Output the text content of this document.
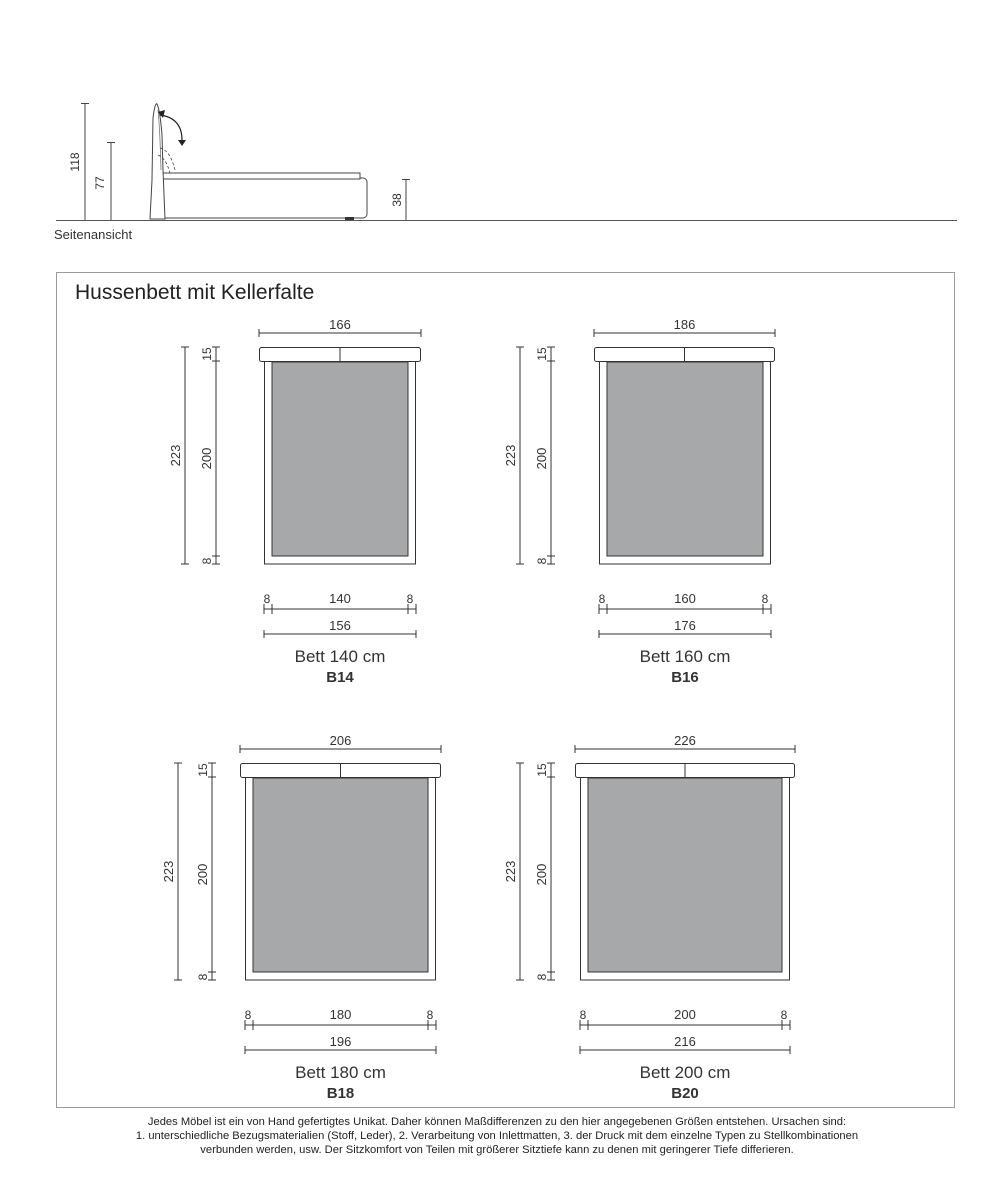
118
77
38
Seitenansicht
Hussenbett mit Kellerfalte
166
223
15
200
8
8	140	8
156
Bett 140 cm
B14
186
223
15
200
8
8	160	8
176
Bett 160 cm
B16
206
223
15
200
8
8	180	8
196
Bett 180 cm
B18
226
223
15
200
8
8	200	8
216
Bett 200 cm
B20
Jedes Möbel ist ein von Hand gefertigtes Unikat. Daher können Maßdifferenzen zu den hier angegebenen Größen entstehen. Ursachen sind:
1. unterschiedliche Bezugsmaterialien (Stoff, Leder), 2. Verarbeitung von Inlettmatten, 3. der Druck mit dem einzelne Typen zu Stellkombinationen
verbunden werden, usw. Der Sitzkomfort von Teilen mit größerer Sitztiefe kann zu denen mit geringerer Tiefe differieren.
